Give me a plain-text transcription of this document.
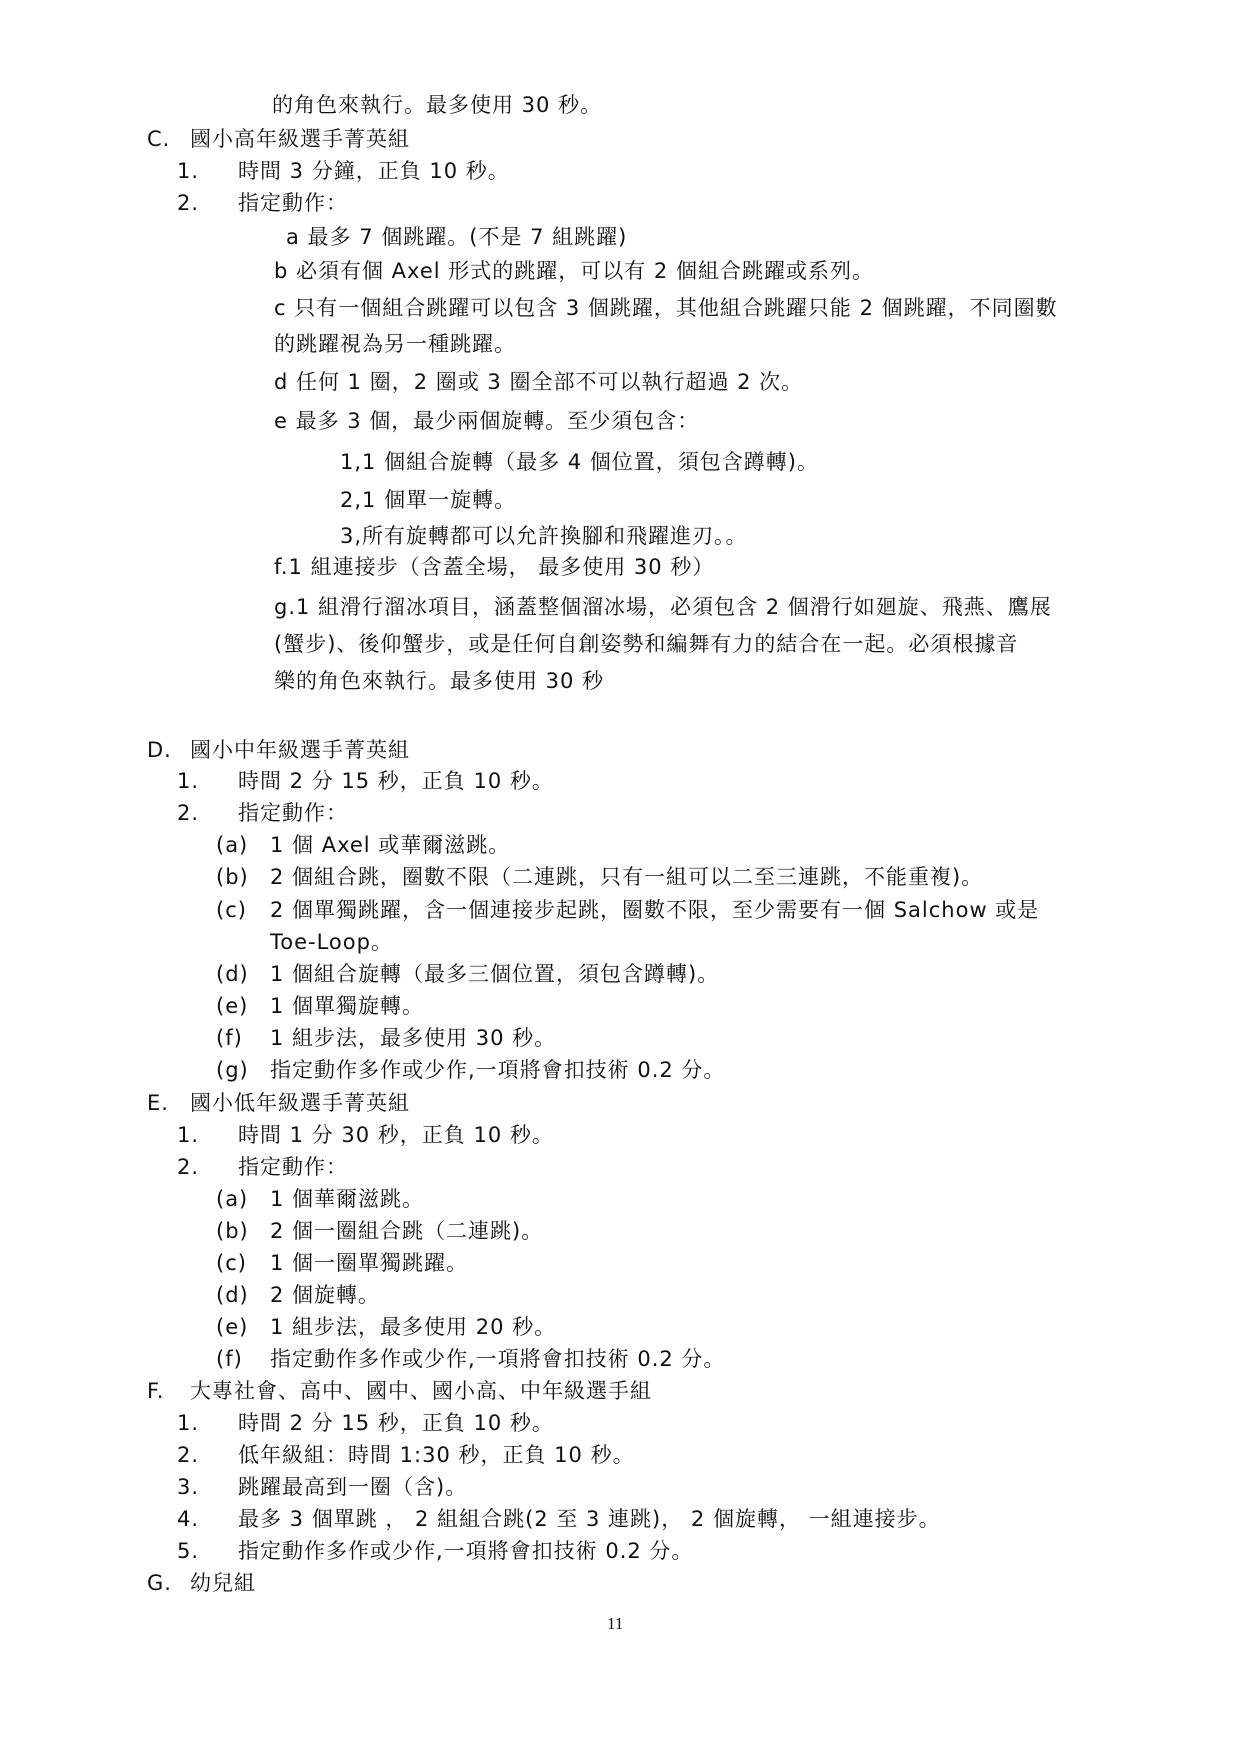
的角色來執行。最多使用 30 秒。
C. 國小高年級選手菁英組
1. 時間 3 分鐘，正負 10 秒。
2. 指定動作：
a 最多 7 個跳躍。(不是 7 組跳躍)
b 必須有個 Axel 形式的跳躍，可以有 2 個組合跳躍或系列。
c 只有一個組合跳躍可以包含 3 個跳躍，其他組合跳躍只能 2 個跳躍，不同圈數
的跳躍視為另一種跳躍。
d 任何 1 圈，2 圈或 3 圈全部不可以執行超過 2 次。
e 最多 3 個，最少兩個旋轉。至少須包含：
1,1 個組合旋轉（最多 4 個位置，須包含蹲轉)。
2,1 個單一旋轉。
3,所有旋轉都可以允許換腳和飛躍進刃。。
f.1 組連接步（含蓋全場， 最多使用 30 秒）
g.1 組滑行溜冰項目，涵蓋整個溜冰場，必須包含 2 個滑行如廻旋、飛燕、鷹展
(蟹步)、後仰蟹步，或是任何自創姿勢和編舞有力的結合在一起。必須根據音
樂的角色來執行。最多使用 30 秒
D. 國小中年級選手菁英組
1. 時間 2 分 15 秒，正負 10 秒。
2. 指定動作：
(a) 1 個 Axel 或華爾滋跳。
(b) 2 個組合跳，圈數不限（二連跳，只有一組可以二至三連跳，不能重複)。
(c) 2 個單獨跳躍，含一個連接步起跳，圈數不限，至少需要有一個 Salchow 或是
Toe-Loop。
(d) 1 個組合旋轉（最多三個位置，須包含蹲轉)。
(e) 1 個單獨旋轉。
(f) 1 組步法，最多使用 30 秒。
(g) 指定動作多作或少作,一項將會扣技術 0.2 分。
E. 國小低年級選手菁英組
1. 時間 1 分 30 秒，正負 10 秒。
2. 指定動作：
(a) 1 個華爾滋跳。
(b) 2 個一圈組合跳（二連跳)。
(c) 1 個一圈單獨跳躍。
(d) 2 個旋轉。
(e) 1 組步法，最多使用 20 秒。
(f) 指定動作多作或少作,一項將會扣技術 0.2 分。
F. 大專社會、高中、國中、國小高、中年級選手組
1. 時間 2 分 15 秒，正負 10 秒。
2. 低年級組：時間 1:30 秒，正負 10 秒。
3. 跳躍最高到一圈（含)。
4. 最多 3 個單跳 ， 2 組組合跳(2 至 3 連跳)， 2 個旋轉， 一組連接步。
5. 指定動作多作或少作,一項將會扣技術 0.2 分。
G. 幼兒組
11
